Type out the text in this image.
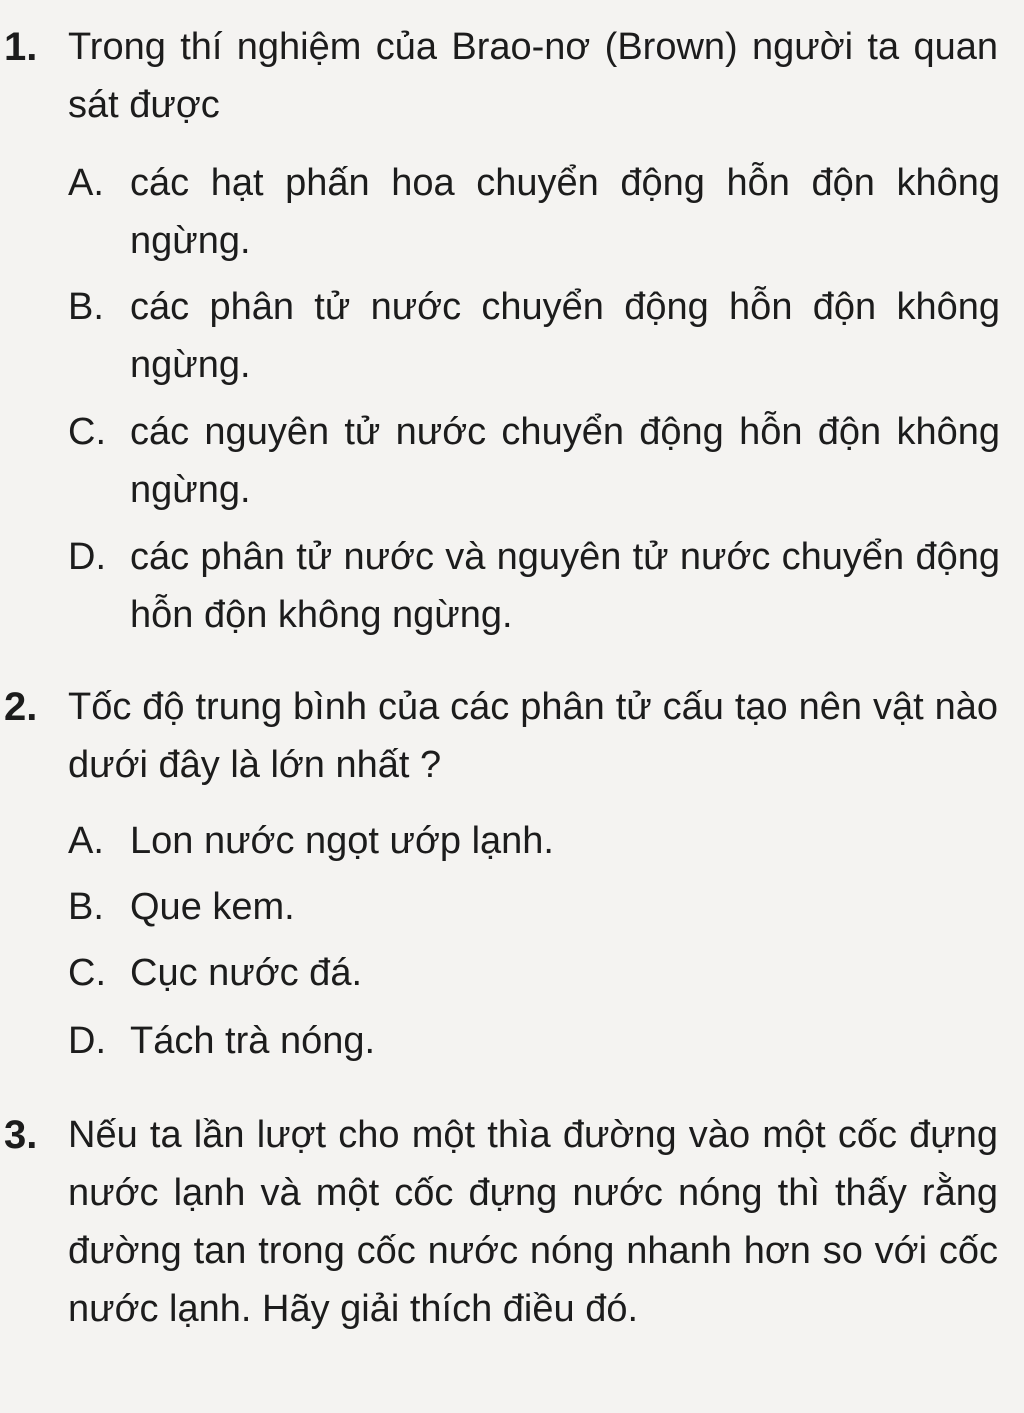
1. Trong thí nghiệm của Brao-nơ (Brown) người ta quan sát được
A. các hạt phấn hoa chuyển động hỗn độn không ngừng.
B. các phân tử nước chuyển động hỗn độn không ngừng.
C. các nguyên tử nước chuyển động hỗn độn không ngừng.
D. các phân tử nước và nguyên tử nước chuyển động hỗn độn không ngừng.
2. Tốc độ trung bình của các phân tử cấu tạo nên vật nào dưới đây là lớn nhất ?
A. Lon nước ngọt ướp lạnh.
B. Que kem.
C. Cục nước đá.
D. Tách trà nóng.
3. Nếu ta lần lượt cho một thìa đường vào một cốc đựng nước lạnh và một cốc đựng nước nóng thì thấy rằng đường tan trong cốc nước nóng nhanh hơn so với cốc nước lạnh. Hãy giải thích điều đó.
